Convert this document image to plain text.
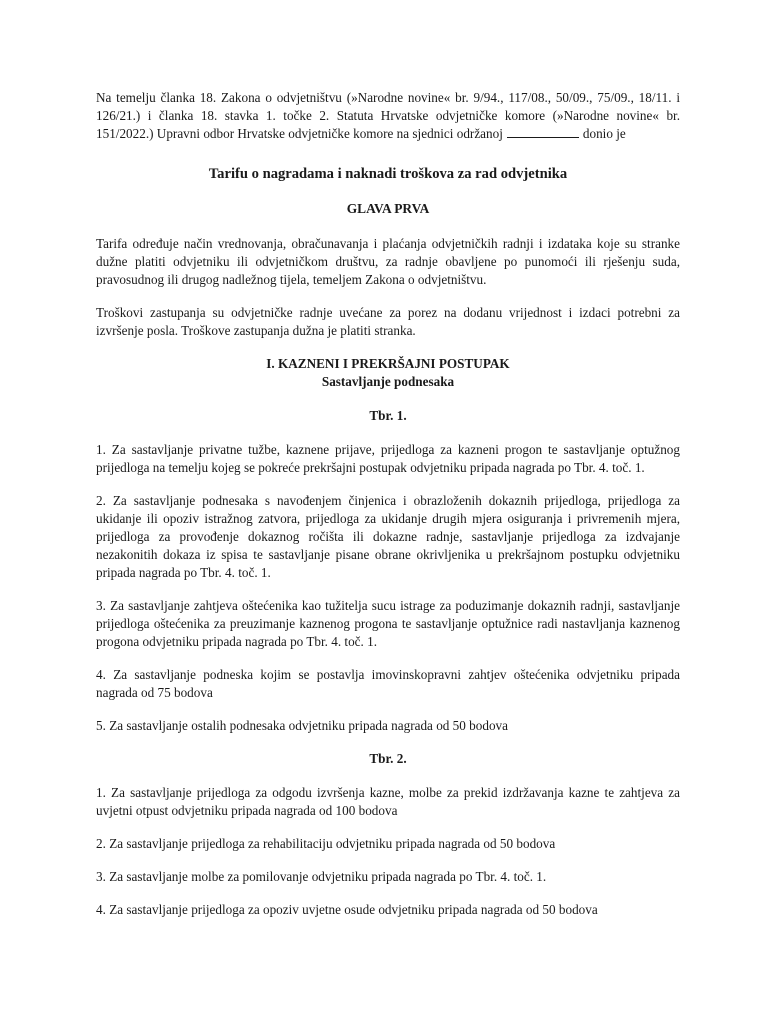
Na temelju članka 18. Zakona o odvjetništvu (»Narodne novine« br. 9/94., 117/08., 50/09., 75/09., 18/11. i 126/21.) i članka 18. stavka 1. točke 2. Statuta Hrvatske odvjetničke komore (»Narodne novine« br. 151/2022.) Upravni odbor Hrvatske odvjetničke komore na sjednici održanoj	donio je

Tarifu o nagradama i naknadi troškova za rad odvjetnika
GLAVA PRVA

Tarifa određuje način vrednovanja, obračunavanja i plaćanja odvjetničkih radnji i izdataka koje su stranke dužne platiti odvjetniku ili odvjetničkom društvu, za radnje obavljene po punomoći ili rješenju suda, pravosudnog ili drugog nadležnog tijela, temeljem Zakona o odvjetništvu.

Troškovi zastupanja su odvjetničke radnje uvećane za porez na dodanu vrijednost i izdaci potrebni za izvršenje posla. Troškove zastupanja dužna je platiti stranka.

I. KAZNENI I PREKRŠAJNI POSTUPAK
Sastavljanje podnesaka
Tbr. 1.

1. Za sastavljanje privatne tužbe, kaznene prijave, prijedloga za kazneni progon te sastavljanje optužnog prijedloga na temelju kojeg se pokreće prekršajni postupak odvjetniku pripada nagrada po Tbr. 4. toč. 1.

2. Za sastavljanje podnesaka s navođenjem činjenica i obrazloženih dokaznih prijedloga, prijedloga za ukidanje ili opoziv istražnog zatvora, prijedloga za ukidanje drugih mjera osiguranja i privremenih mjera, prijedloga za provođenje dokaznog ročišta ili dokazne radnje, sastavljanje prijedloga za izdvajanje nezakonitih dokaza iz spisa te sastavljanje pisane obrane okrivljenika u prekršajnom postupku odvjetniku pripada nagrada po Tbr. 4. toč. 1.

3. Za sastavljanje zahtjeva oštećenika kao tužitelja sucu istrage za poduzimanje dokaznih radnji, sastavljanje prijedloga oštećenika za preuzimanje kaznenog progona te sastavljanje optužnice radi nastavljanja kaznenog progona odvjetniku pripada nagrada po Tbr. 4. toč. 1.

4. Za sastavljanje podneska kojim se postavlja imovinskopravni zahtjev oštećenika odvjetniku pripada nagrada od 75 bodova

5. Za sastavljanje ostalih podnesaka odvjetniku pripada nagrada od 50 bodova

Tbr. 2.

1. Za sastavljanje prijedloga za odgodu izvršenja kazne, molbe za prekid izdržavanja kazne te zahtjeva za uvjetni otpust odvjetniku pripada nagrada od 100 bodova

2. Za sastavljanje prijedloga za rehabilitaciju odvjetniku pripada nagrada od 50 bodova

3. Za sastavljanje molbe za pomilovanje odvjetniku pripada nagrada po Tbr. 4. toč. 1.

4. Za sastavljanje prijedloga za opoziv uvjetne osude odvjetniku pripada nagrada od 50 bodova
